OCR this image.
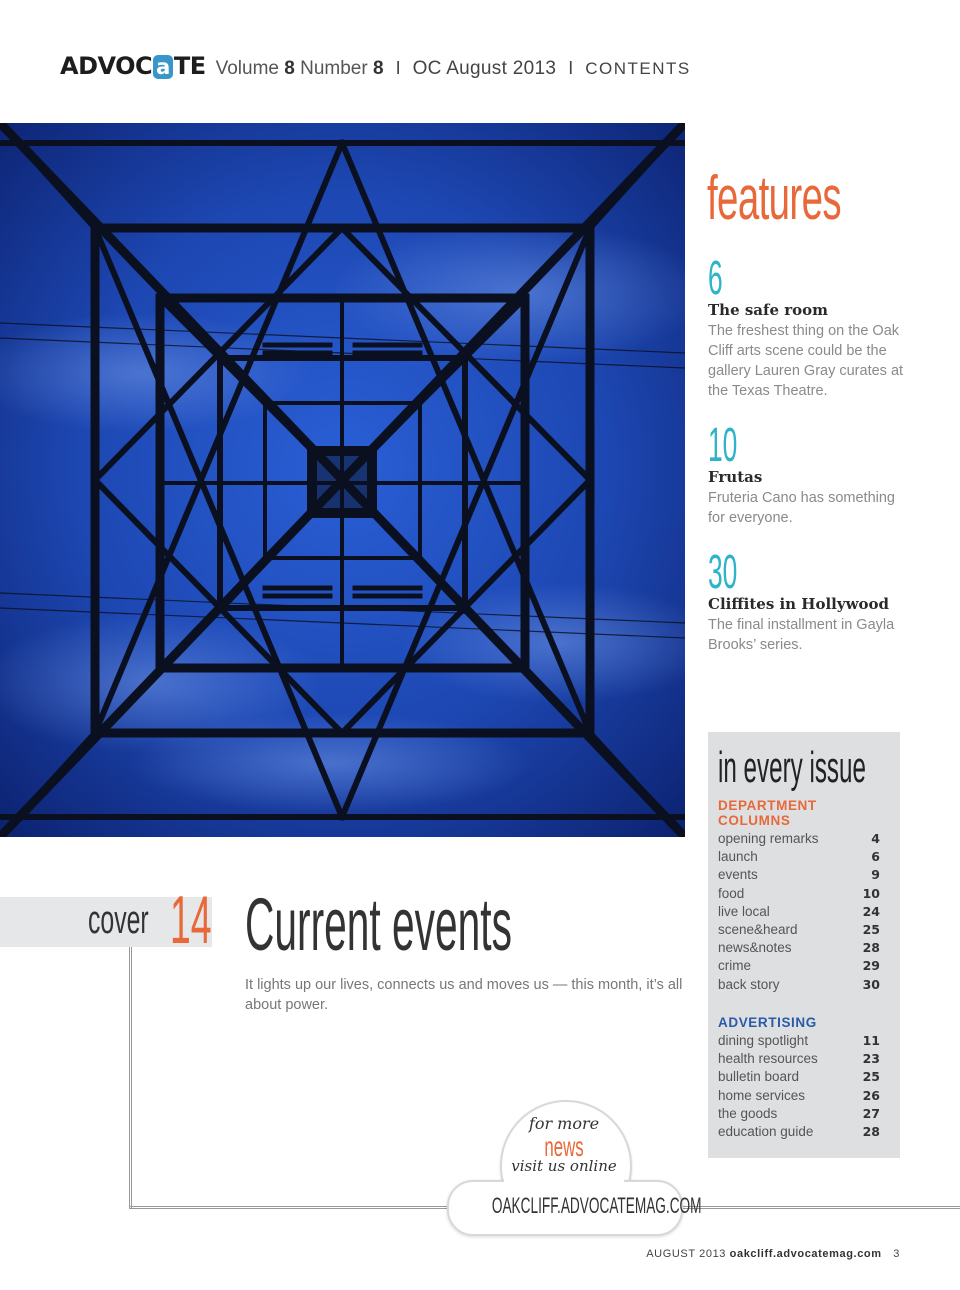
ADVOC a TE Volume 8 Number 8 I OC August 2013 I CONTENTS
features
6
The safe room
The freshest thing on the Oak Cliff arts scene could be the gallery Lauren Gray curates at the Texas Theatre.
10
Frutas
Fruteria Cano has something for everyone.
30
Cliffites in Hollywood
The final installment in Gayla Brooks’ series.
in every issue
DEPARTMENT COLUMNS
opening remarks	4
launch	6
events	9
food	10
live local	24
scene&heard	25
news&notes	28
crime	29
back story	30
ADVERTISING
dining spotlight	11
health resources	23
bulletin board	25
home services	26
the goods	27
education guide	28
cover 14 Current events
It lights up our lives, connects us and moves us — this month, it’s all about power.
for more
news
visit us online
OAKCLIFF.ADVOCATEMAG.COM
AUGUST 2013 oakcliff.advocatemag.com 3
